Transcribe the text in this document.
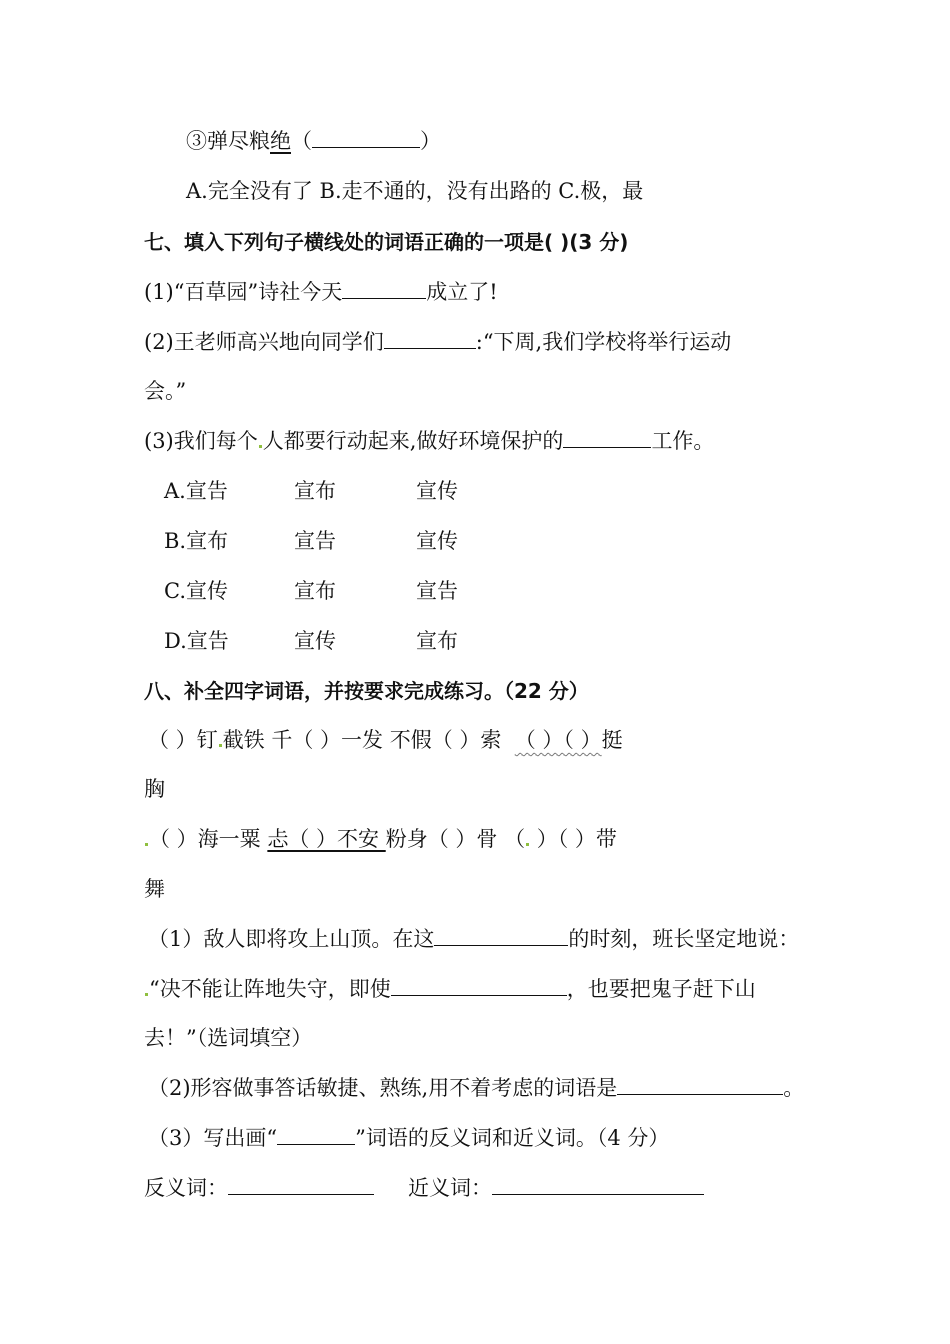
③弹尽粮绝（	）
A.完全没有了 B.走不通的，没有出路的 C.极，最
七、填入下列句子横线处的词语正确的一项是( )(3 分)
(1)“百草园”诗社今天	成立了!
(2)王老师高兴地向同学们	:“下周,我们学校将举行运动
会。”
(3)我们每个 人都要行动起来,做好环境保护的	工作。
A.宣告	宣布	宣传
B.宣布	宣告	宣传
C.宣传	宣布	宣告
D.宣告	宣传	宣布
八、补全四字词语，并按要求完成练习。（22 分）
（ ）钉 截铁 千（ ）一发 不假（ ）索 （ ）（ ）挺
胸
（ ）海一粟 忐（ ）不安 粉身（ ）骨 （ ）（ ）带
舞
（1）敌人即将攻上山顶。在这	的时刻，班长坚定地说：
“决不能让阵地失守，即使	，也要把鬼子赶下山
去！”（选词填空）
（2)形容做事答话敏捷、熟练,用不着考虑的词语是	。
（3）写出画“	”词语的反义词和近义词。（4 分）
反义词：	近义词：
